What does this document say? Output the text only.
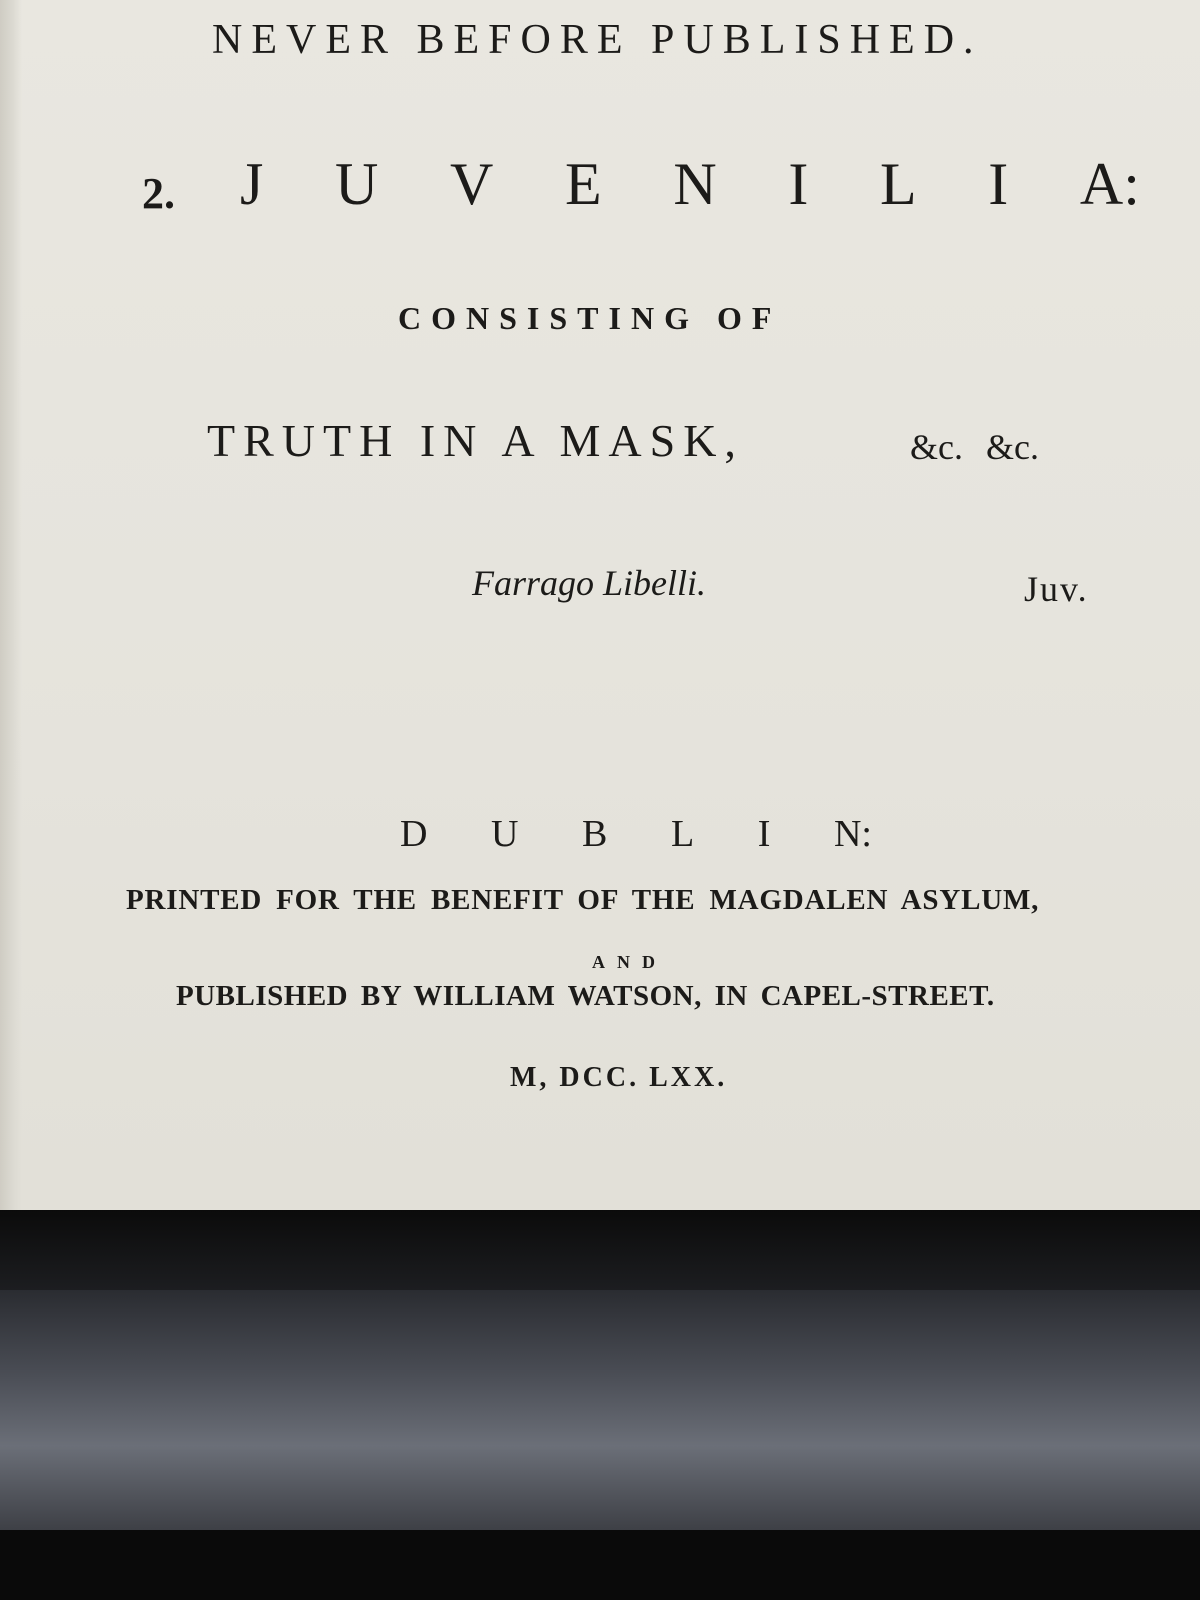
NEVER BEFORE PUBLISHED.
2. J U V E N I L I A:
CONSISTING OF
TRUTH IN A MASK,	&c. &c.
Farrago Libelli.	Juv.
D U B L I N:
PRINTED FOR THE BENEFIT OF THE MAGDALEN ASYLUM,
AND
PUBLISHED BY WILLIAM WATSON, IN CAPEL-STREET.
M, DCC. LXX.
